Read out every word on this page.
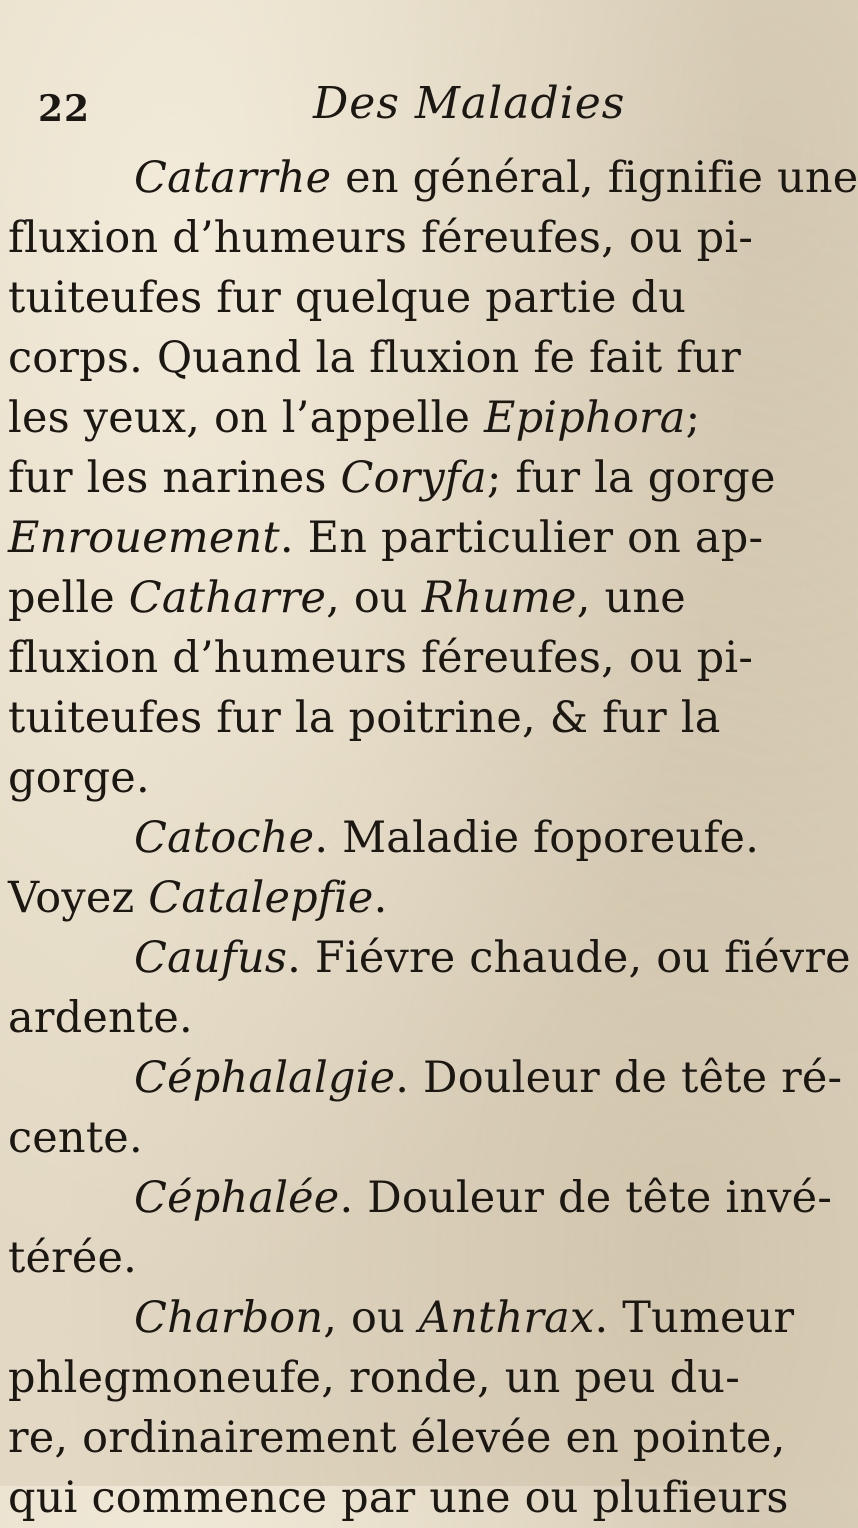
22	Des Maladies
Catarrhe en général, fignifie une
fluxion d’humeurs féreufes, ou pi-
tuiteufes fur quelque partie du
corps. Quand la fluxion fe fait fur
les yeux, on l’appelle Epiphora;
fur les narines Coryfa; fur la gorge
Enrouement. En particulier on ap-
pelle Catharre, ou Rhume, une
fluxion d’humeurs féreufes, ou pi-
tuiteufes fur la poitrine, & fur la
gorge.
Catoche. Maladie foporeufe.
Voyez Catalepfie.
Caufus. Fiévre chaude, ou fiévre
ardente.
Céphalalgie. Douleur de tête ré-
cente.
Céphalée. Douleur de tête invé-
térée.
Charbon, ou Anthrax. Tumeur
phlegmoneufe, ronde, un peu du-
re, ordinairement élevée en pointe,
qui commence par une ou plufieurs
